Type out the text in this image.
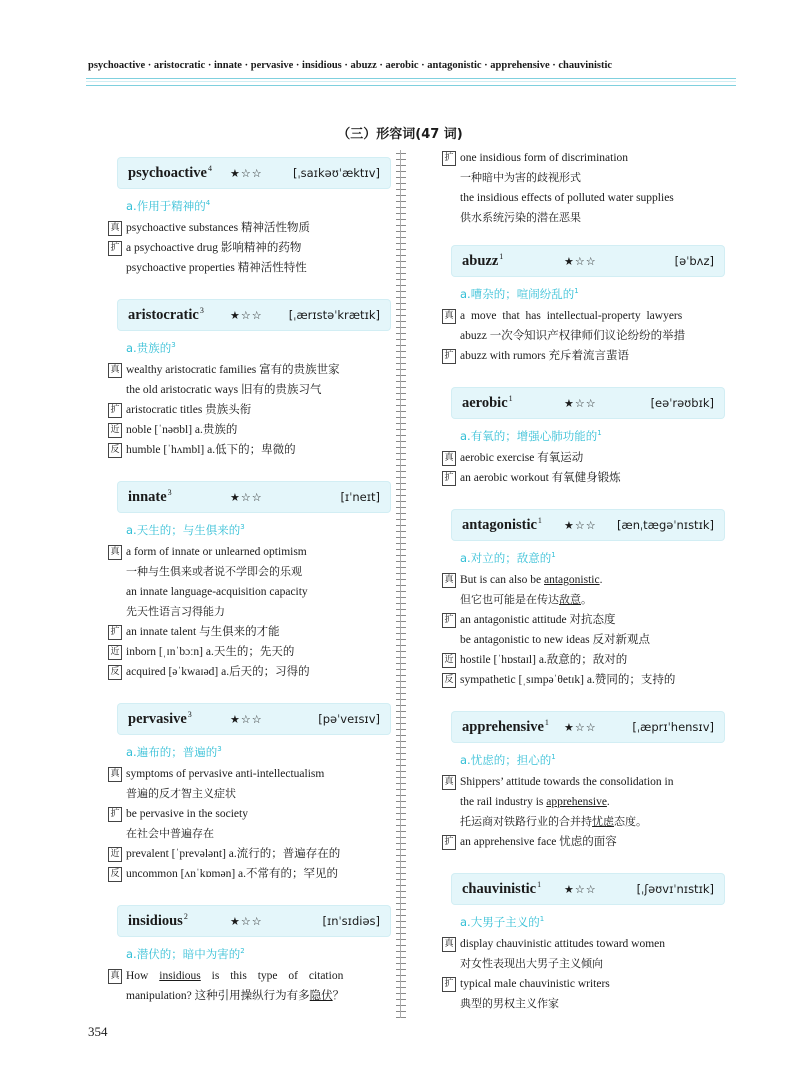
psychoactive · aristocratic · innate · pervasive · insidious · abuzz · aerobic · antagonistic · apprehensive · chauvinistic
（三）形容词(47 词)
psychoactive$^4$ ★☆☆	[ˌsaɪkəʊˈæktɪv]
a.作用于精神的$^4$
真 psychoactive substances 精神活性物质
扩 a psychoactive drug 影响精神的药物
psychoactive properties 精神活性特性
aristocratic$^3$ ★☆☆ [ˌærɪstəˈkrætɪk]
a.贵族的$^3$
真 wealthy aristocratic families 富有的贵族世家
the old aristocratic ways 旧有的贵族习气
扩 aristocratic titles 贵族头衔
近 noble [ˈnəʊbl] a.贵族的
反 humble [ˈhʌmbl] a.低下的；卑微的
innate$^3$	★☆☆	[ɪˈneɪt]
a.天生的；与生俱来的$^3$
真 a form of innate or unlearned optimism
一种与生俱来或者说不学即会的乐观
an innate language-acquisition capacity
先天性语言习得能力
扩 an innate talent 与生俱来的才能
近 inborn [ˌɪnˈbɔːn] a.天生的；先天的
反 acquired [əˈkwaɪəd] a.后天的；习得的
pervasive$^3$	★☆☆	[pəˈveɪsɪv]
a.遍布的；普遍的$^3$
真 symptoms of pervasive anti-intellectualism
普遍的反才智主义症状
扩 be pervasive in the society
在社会中普遍存在
近 prevalent [ˈprevələnt] a.流行的；普遍存在的
反 uncommon [ʌnˈkɒmən] a.不常有的；罕见的
insidious$^2$	★☆☆	[ɪnˈsɪdiəs]
a.潜伏的；暗中为害的$^2$
真 How insidious is this type of citation
manipulation? 这种引用操纵行为有多隐伏？
扩 one insidious form of discrimination
一种暗中为害的歧视形式
the insidious effects of polluted water supplies
供水系统污染的潜在恶果
abuzz$^1$	★☆☆	[əˈbʌz]
a.嘈杂的；喧闹纷乱的$^1$
真 a move that has intellectual-property lawyers
abuzz 一次令知识产权律师们议论纷纷的举措
扩 abuzz with rumors 充斥着流言蜚语
aerobic$^1$	★☆☆	[eəˈrəʊbɪk]
a.有氧的；增强心肺功能的$^1$
真 aerobic exercise 有氧运动
扩 an aerobic workout 有氧健身锻炼
antagonistic$^1$ ★☆☆ [ænˌtægəˈnɪstɪk]
a.对立的；敌意的$^1$
真 But is can also be antagonistic.
但它也可能是在传达敌意。
扩 an antagonistic attitude 对抗态度
be antagonistic to new ideas 反对新观点
近 hostile [ˈhɒstaɪl] a.敌意的；敌对的
反 sympathetic [ˌsɪmpəˈθetɪk] a.赞同的；支持的
apprehensive$^1$ ★☆☆	[ˌæprɪˈhensɪv]
a.忧虑的；担心的$^1$
真 Shippers’ attitude towards the consolidation in
the rail industry is apprehensive.
托运商对铁路行业的合并持忧虑态度。
扩 an apprehensive face 忧虑的面容
chauvinistic$^1$ ★☆☆	[ˌʃəʊvɪˈnɪstɪk]
a.大男子主义的$^1$
真 display chauvinistic attitudes toward women
对女性表现出大男子主义倾向
扩 typical male chauvinistic writers
典型的男权主义作家
354
